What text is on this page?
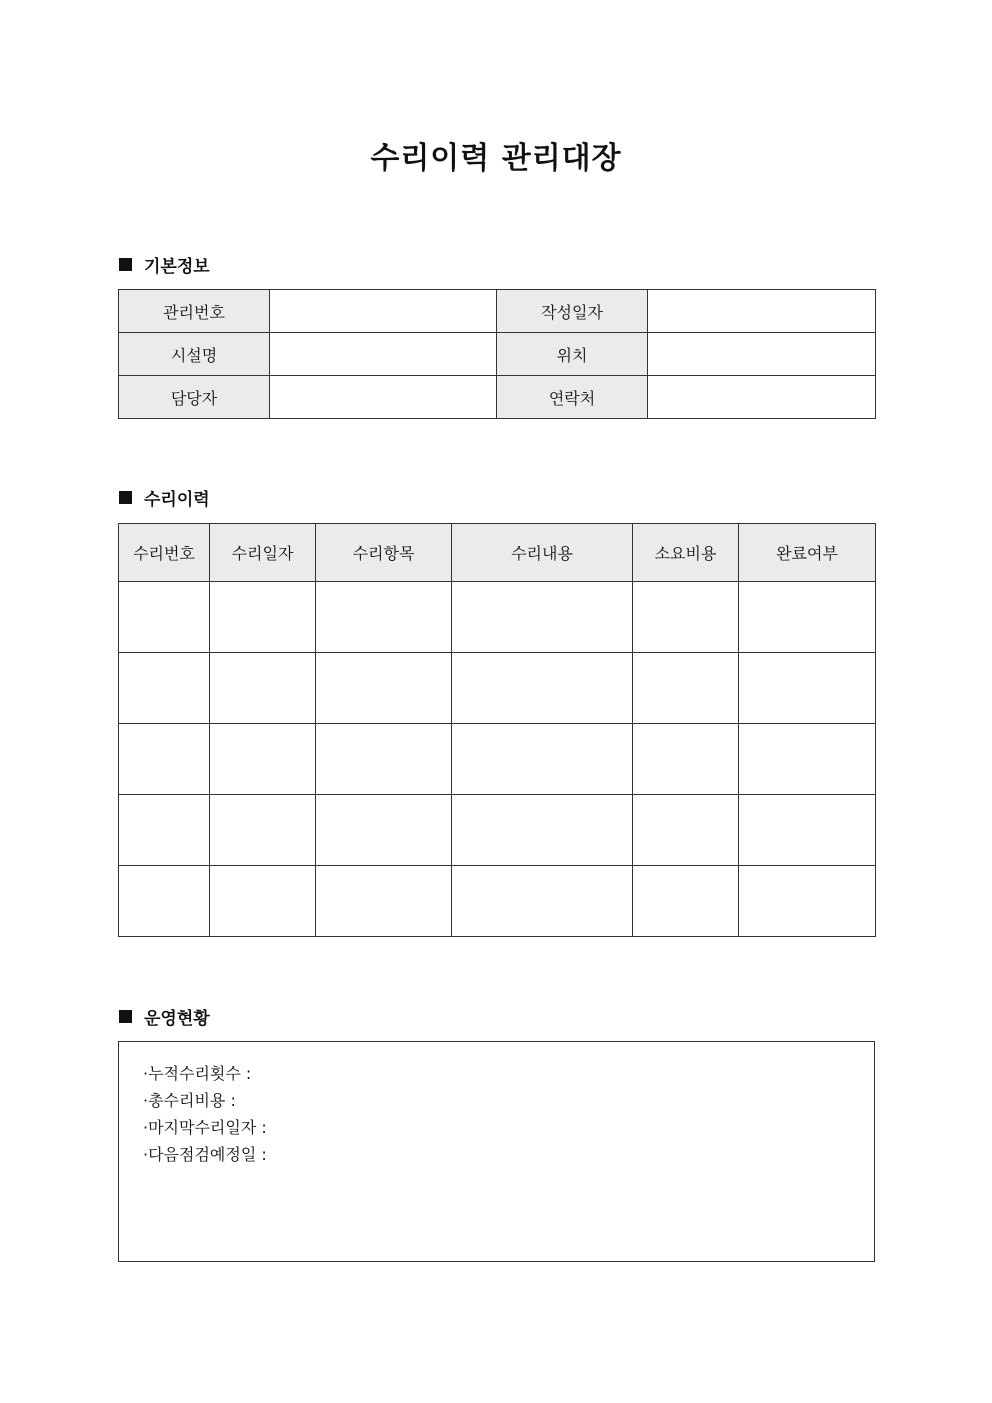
수리이력 관리대장
기본정보
관리번호		작성일자	
시설명		위치	
담당자		연락처	
수리이력
수리번호	수리일자	수리항목	수리내용	소요비용	완료여부

운영현황
·누적수리횟수 :
·총수리비용 :
·마지막수리일자 :
·다음점검예정일 :
